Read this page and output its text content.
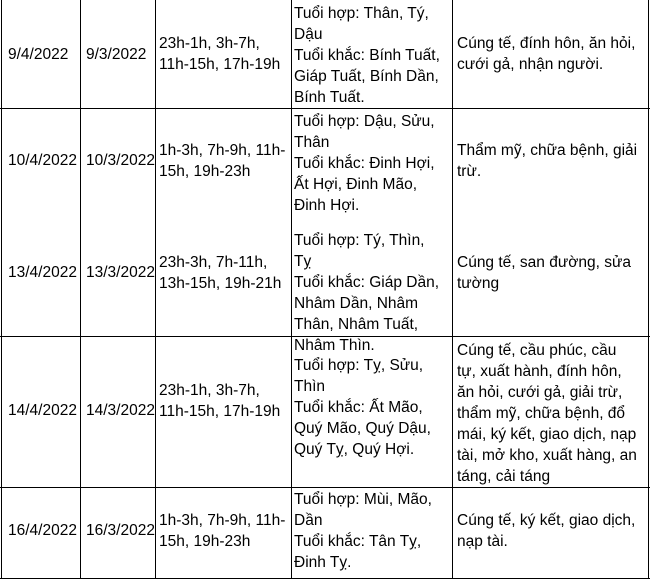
9/4/2022 9/3/2022
23h-1h, 3h-7h,
11h-15h, 17h-19h
Tuổi hợp: Thân, Tý,
Dậu
Tuổi khắc: Bính Tuất,
Giáp Tuất, Bính Dần,
Bính Tuất.
Cúng tế, đính hôn, ăn hỏi,
cưới gả, nhận người.
10/4/2022 10/3/2022
1h-3h, 7h-9h, 11h-
15h, 19h-23h
Tuổi hợp: Dậu, Sửu,
Thân
Tuổi khắc: Đinh Hợi,
Ất Hợi, Đinh Mão,
Đinh Hợi.
Thẩm mỹ, chữa bệnh, giải
trừ.
13/4/2022 13/3/2022
23h-3h, 7h-11h,
13h-15h, 19h-21h
Tuổi hợp: Tý, Thìn,
Tỵ
Tuổi khắc: Giáp Dần,
Nhâm Dần, Nhâm
Thân, Nhâm Tuất,
Nhâm Thìn.
Cúng tế, san đường, sửa
tường
14/4/2022 14/3/2022
23h-1h, 3h-7h,
11h-15h, 17h-19h
Tuổi hợp: Tỵ, Sửu,
Thìn
Tuổi khắc: Ất Mão,
Quý Mão, Quý Dậu,
Quý Tỵ, Quý Hợi.
Cúng tế, cầu phúc, cầu
tự, xuất hành, đính hôn,
ăn hỏi, cưới gả, giải trừ,
thẩm mỹ, chữa bệnh, đổ
mái, ký kết, giao dịch, nạp
tài, mở kho, xuất hàng, an
táng, cải táng
16/4/2022 16/3/2022
1h-3h, 7h-9h, 11h-
15h, 19h-23h
Tuổi hợp: Mùi, Mão,
Dần
Tuổi khắc: Tân Tỵ,
Đinh Tỵ.
Cúng tế, ký kết, giao dịch,
nạp tài.
